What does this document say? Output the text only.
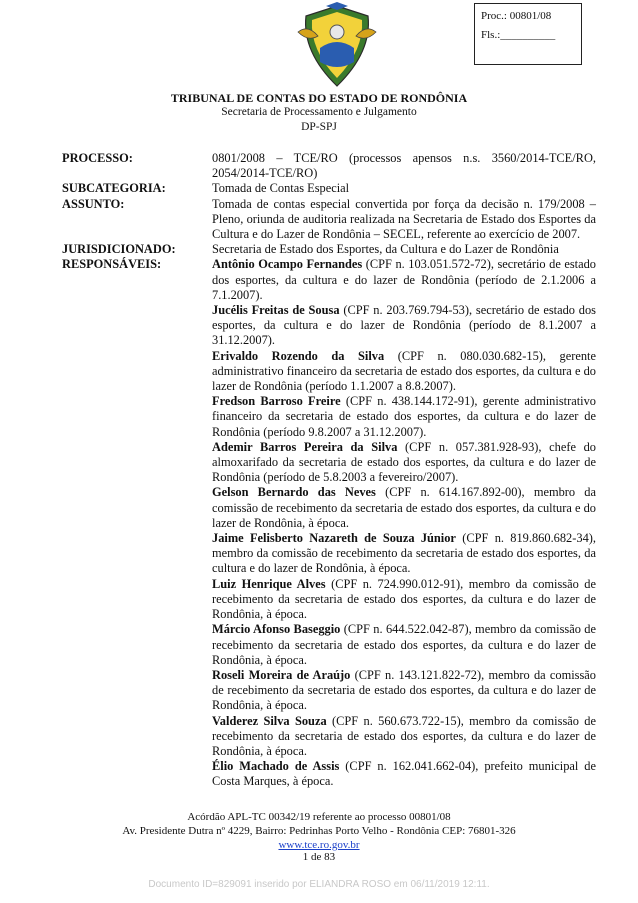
Proc.: 00801/08
Fls.:__________
TRIBUNAL DE CONTAS DO ESTADO DE RONDÔNIA
Secretaria de Processamento e Julgamento
DP-SPJ
PROCESSO:	0801/2008 – TCE/RO (processos apensos n.s. 3560/2014-TCE/RO, 2054/2014-TCE/RO)
SUBCATEGORIA:	Tomada de Contas Especial
ASSUNTO:	Tomada de contas especial convertida por força da decisão n. 179/2008 – Pleno, oriunda de auditoria realizada na Secretaria de Estado dos Esportes da Cultura e do Lazer de Rondônia – SECEL, referente ao exercício de 2007.
JURISDICIONADO:	Secretaria de Estado dos Esportes, da Cultura e do Lazer de Rondônia
RESPONSÁVEIS:	Antônio Ocampo Fernandes (CPF n. 103.051.572-72), secretário de estado dos esportes, da cultura e do lazer de Rondônia (período de 2.1.2006 a 7.1.2007).

Jucélis Freitas de Sousa (CPF n. 203.769.794-53), secretário de estado dos esportes, da cultura e do lazer de Rondônia (período de 8.1.2007 a 31.12.2007).

Erivaldo Rozendo da Silva (CPF n. 080.030.682-15), gerente administrativo financeiro da secretaria de estado dos esportes, da cultura e do lazer de Rondônia (período 1.1.2007 a 8.8.2007).

Fredson Barroso Freire (CPF n. 438.144.172-91), gerente administrativo financeiro da secretaria de estado dos esportes, da cultura e do lazer de Rondônia (período 9.8.2007 a 31.12.2007).

Ademir Barros Pereira da Silva (CPF n. 057.381.928-93), chefe do almoxarifado da secretaria de estado dos esportes, da cultura e do lazer de Rondônia (período de 5.8.2003 a fevereiro/2007).

Gelson Bernardo das Neves (CPF n. 614.167.892-00), membro da comissão de recebimento da secretaria de estado dos esportes, da cultura e do lazer de Rondônia, à época.

Jaime Felisberto Nazareth de Souza Júnior (CPF n. 819.860.682-34), membro da comissão de recebimento da secretaria de estado dos esportes, da cultura e do lazer de Rondônia, à época.

Luiz Henrique Alves (CPF n. 724.990.012-91), membro da comissão de recebimento da secretaria de estado dos esportes, da cultura e do lazer de Rondônia, à época.

Márcio Afonso Baseggio (CPF n. 644.522.042-87), membro da comissão de recebimento da secretaria de estado dos esportes, da cultura e do lazer de Rondônia, à época.

Roseli Moreira de Araújo (CPF n. 143.121.822-72), membro da comissão de recebimento da secretaria de estado dos esportes, da cultura e do lazer de Rondônia, à época.

Valderez Silva Souza (CPF n. 560.673.722-15), membro da comissão de recebimento da secretaria de estado dos esportes, da cultura e do lazer de Rondônia, à época.

Élio Machado de Assis (CPF n. 162.041.662-04), prefeito municipal de Costa Marques, à época.

Acórdão APL-TC 00342/19 referente ao processo 00801/08
Av. Presidente Dutra nº 4229, Bairro: Pedrinhas Porto Velho - Rondônia CEP: 76801-326
www.tce.ro.gov.br
1 de 83
Documento ID=829091 inserido por ELIANDRA ROSO em 06/11/2019 12:11.
